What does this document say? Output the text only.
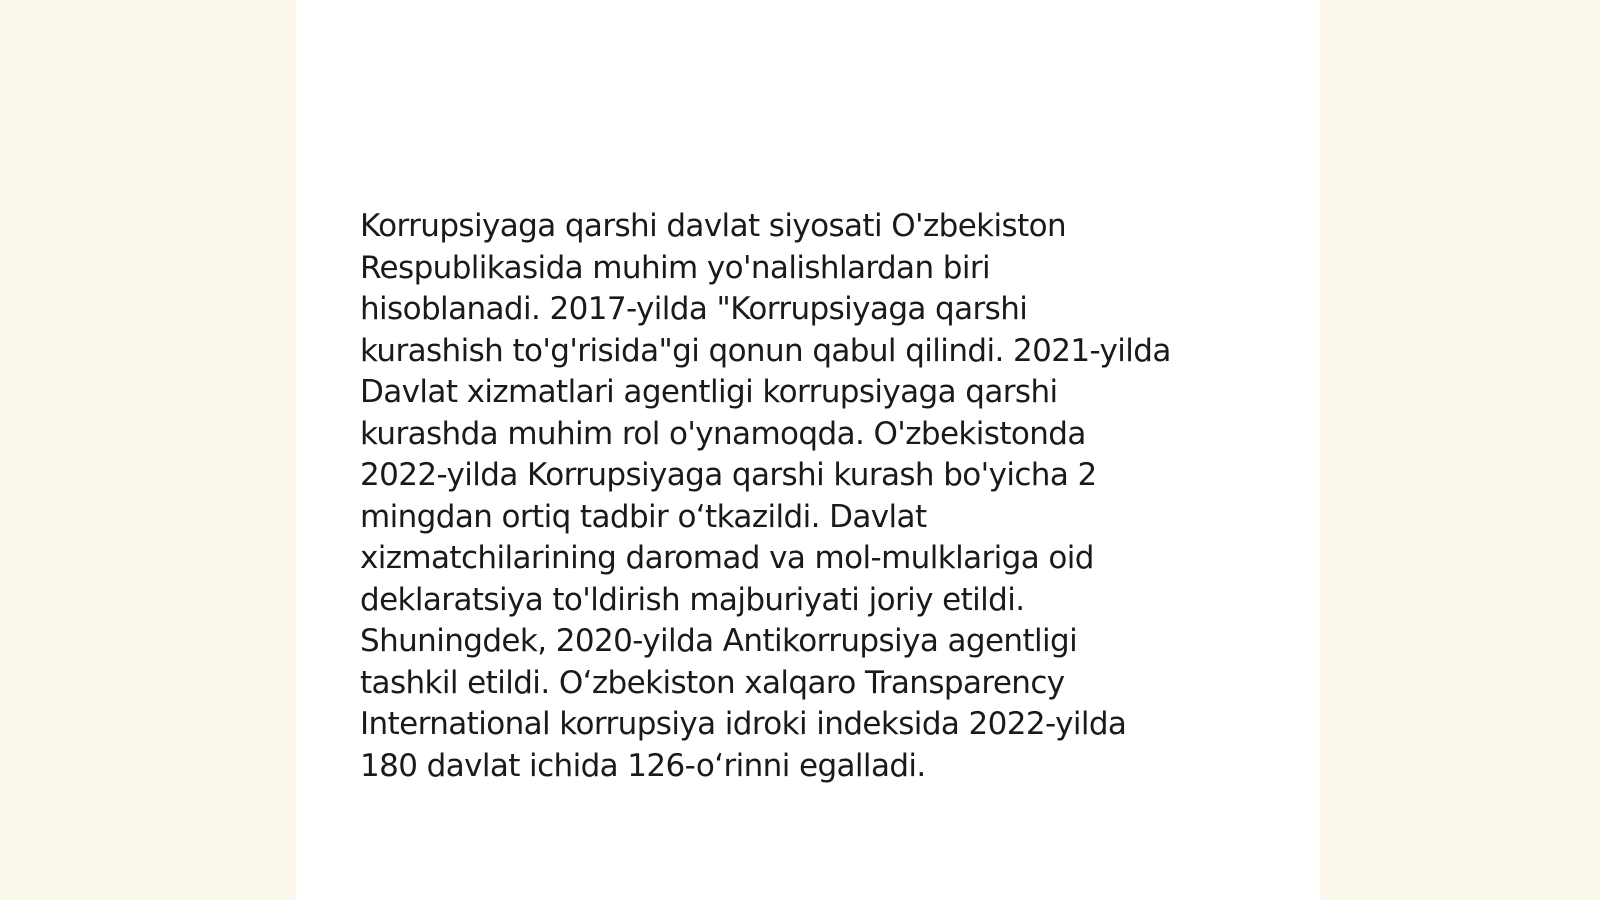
Korrupsiyaga qarshi davlat siyosati O'zbekiston
Respublikasida muhim yo'nalishlardan biri
hisoblanadi. 2017-yilda "Korrupsiyaga qarshi
kurashish to'g'risida"gi qonun qabul qilindi. 2021-yilda
Davlat xizmatlari agentligi korrupsiyaga qarshi
kurashda muhim rol o'ynamoqda. O'zbekistonda
2022-yilda Korrupsiyaga qarshi kurash bo'yicha 2
mingdan ortiq tadbir oʻtkazildi. Davlat
xizmatchilarining daromad va mol-mulklariga oid
deklaratsiya to'ldirish majburiyati joriy etildi.
Shuningdek, 2020-yilda Antikorrupsiya agentligi
tashkil etildi. Oʻzbekiston xalqaro Transparency
International korrupsiya idroki indeksida 2022-yilda
180 davlat ichida 126-oʻrinni egalladi.
